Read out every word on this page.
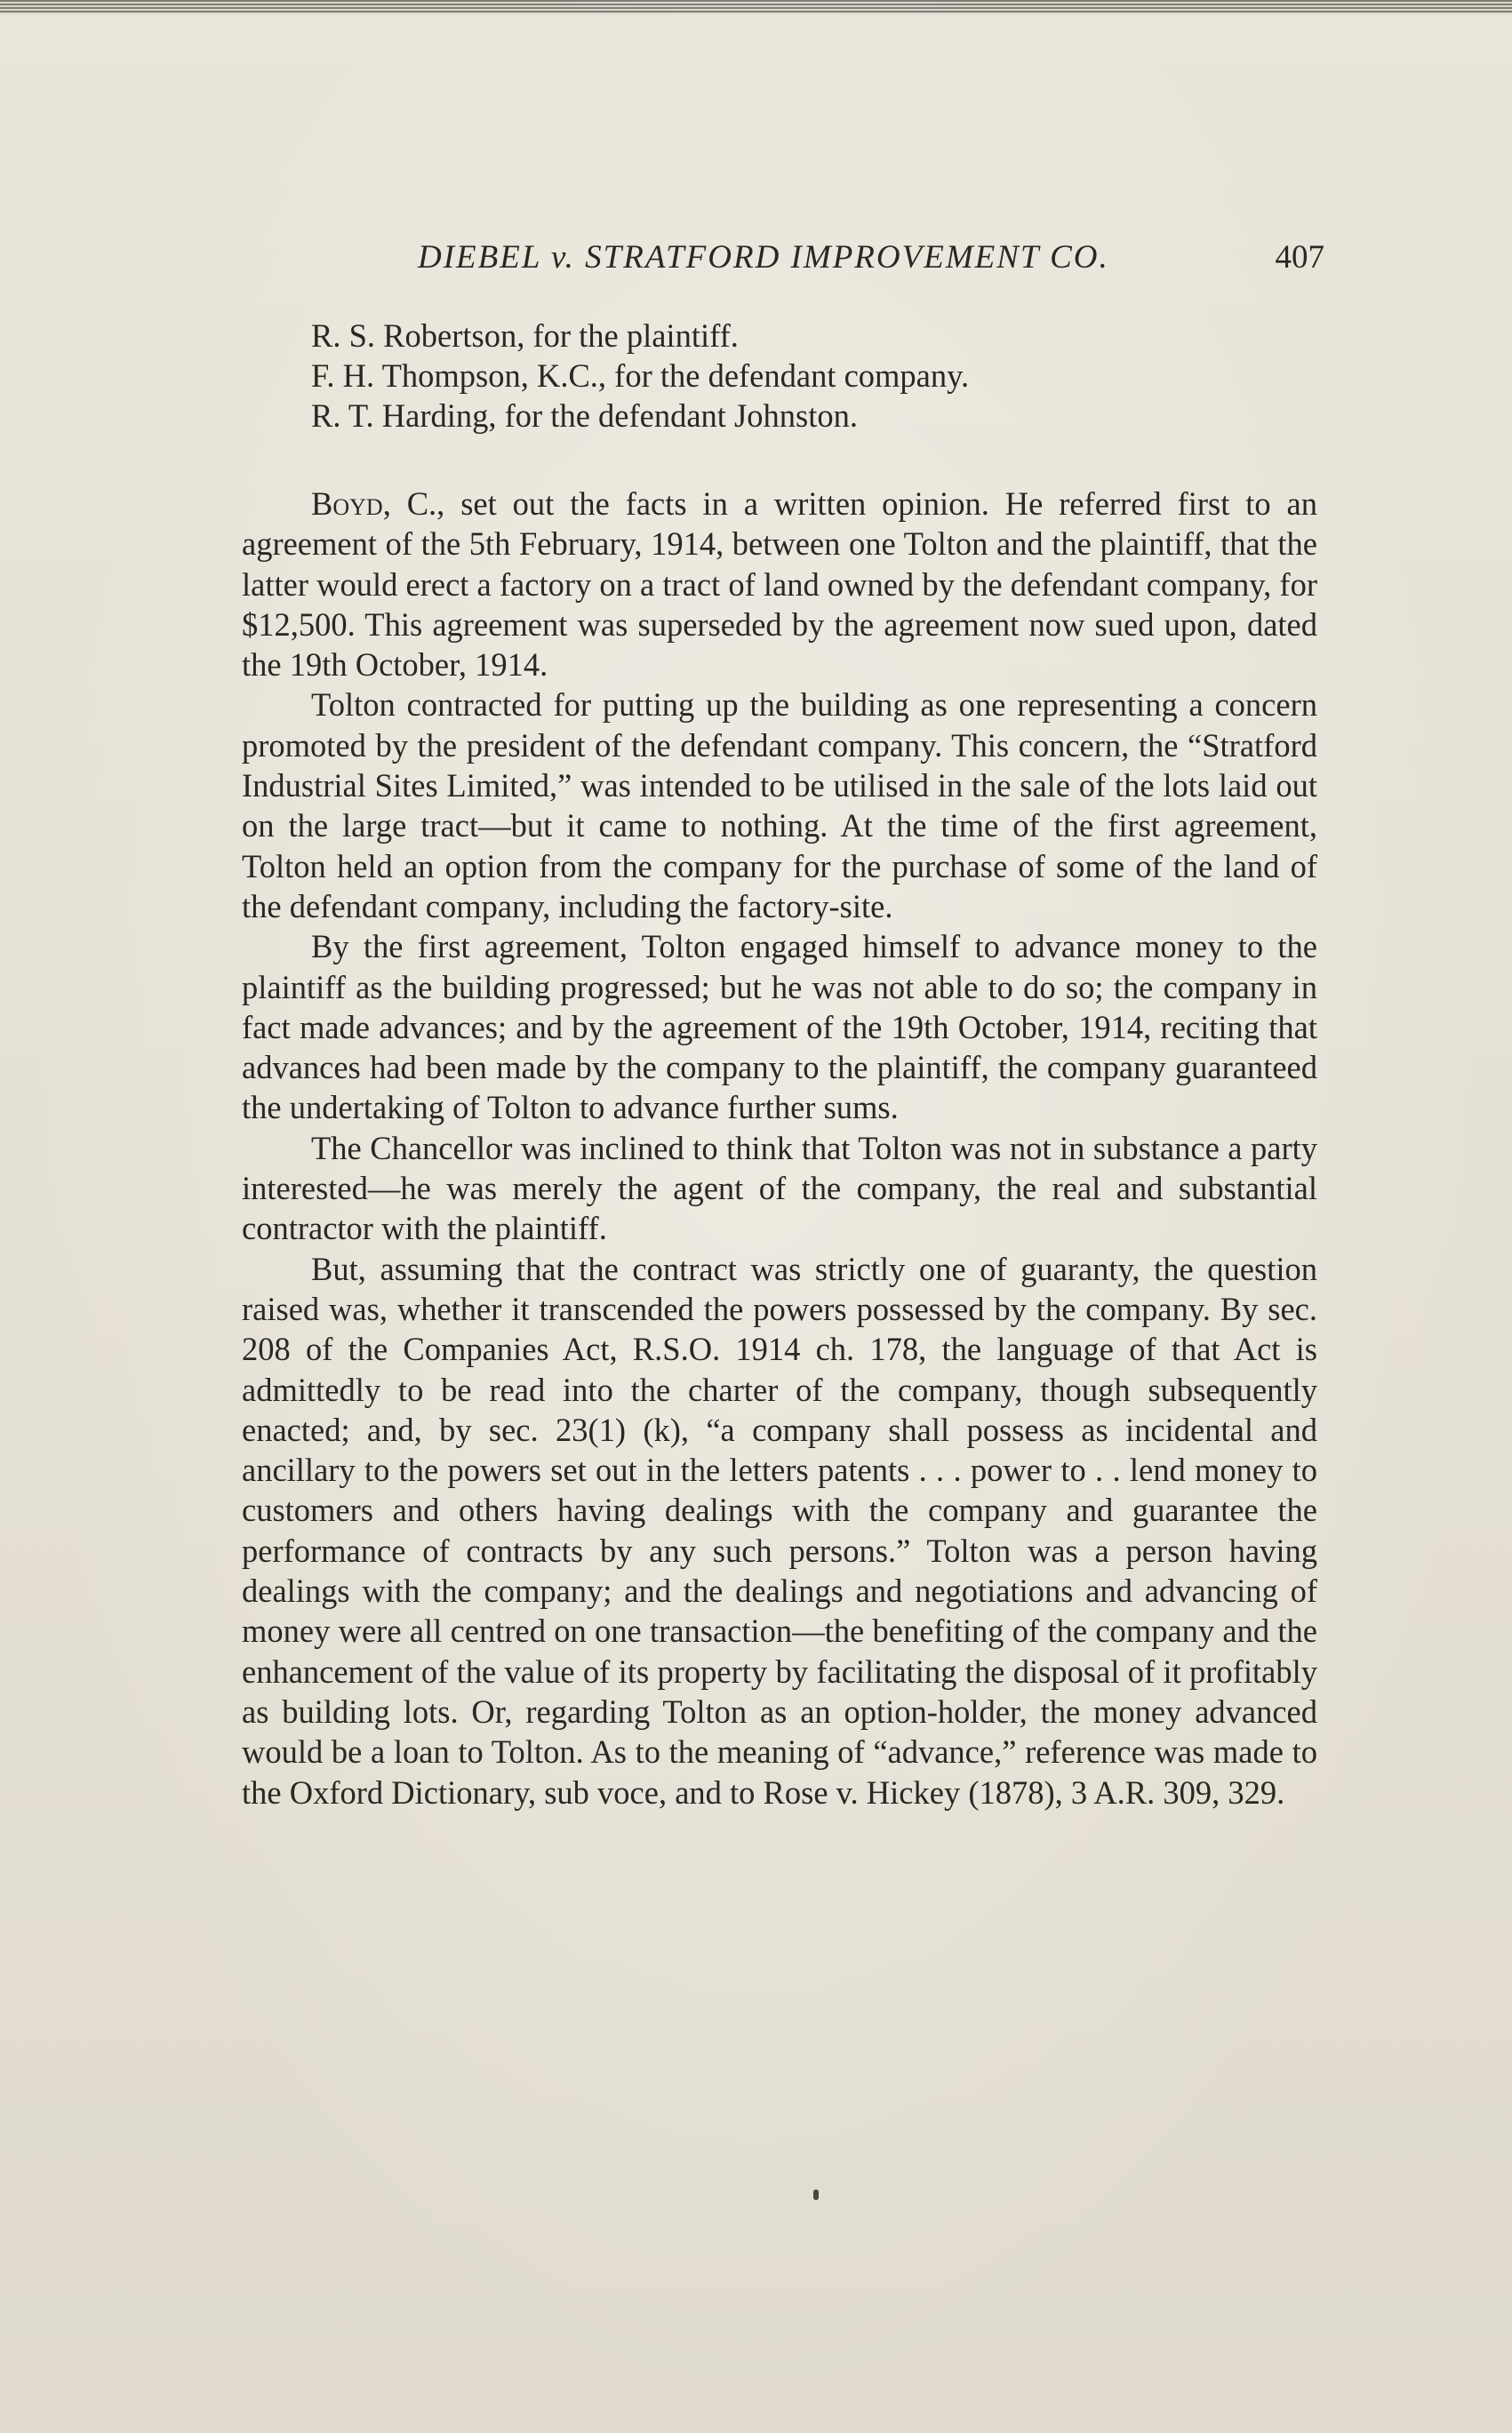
DIEBEL v. STRATFORD IMPROVEMENT CO.	407

R. S. Robertson, for the plaintiff.

F. H. Thompson, K.C., for the defendant company.

R. T. Harding, for the defendant Johnston.

Boyd, C., set out the facts in a written opinion. He referred first to an agreement of the 5th February, 1914, between one Tolton and the plaintiff, that the latter would erect a factory on a tract of land owned by the defendant company, for $12,500. This agreement was superseded by the agreement now sued upon, dated the 19th October, 1914.

Tolton contracted for putting up the building as one representing a concern promoted by the president of the defendant company. This concern, the “Stratford Industrial Sites Limited,” was intended to be utilised in the sale of the lots laid out on the large tract—but it came to nothing. At the time of the first agreement, Tolton held an option from the company for the purchase of some of the land of the defendant company, including the factory-site.

By the first agreement, Tolton engaged himself to advance money to the plaintiff as the building progressed; but he was not able to do so; the company in fact made advances; and by the agreement of the 19th October, 1914, reciting that advances had been made by the company to the plaintiff, the company guaranteed the undertaking of Tolton to advance further sums.

The Chancellor was inclined to think that Tolton was not in substance a party interested—he was merely the agent of the company, the real and substantial contractor with the plaintiff.

But, assuming that the contract was strictly one of guaranty, the question raised was, whether it transcended the powers possessed by the company. By sec. 208 of the Companies Act, R.S.O. 1914 ch. 178, the language of that Act is admittedly to be read into the charter of the company, though subsequently enacted; and, by sec. 23(1) (k), “a company shall possess as incidental and ancillary to the powers set out in the letters patents . . . power to . . lend money to customers and others having dealings with the company and guarantee the performance of contracts by any such persons.” Tolton was a person having dealings with the company; and the dealings and negotiations and advancing of money were all centred on one transaction—the benefiting of the company and the enhancement of the value of its property by facilitating the disposal of it profitably as building lots. Or, regarding Tolton as an option-holder, the money advanced would be a loan to Tolton. As to the meaning of “advance,” reference was made to the Oxford Dictionary, sub voce, and to Rose v. Hickey (1878), 3 A.R. 309, 329.
